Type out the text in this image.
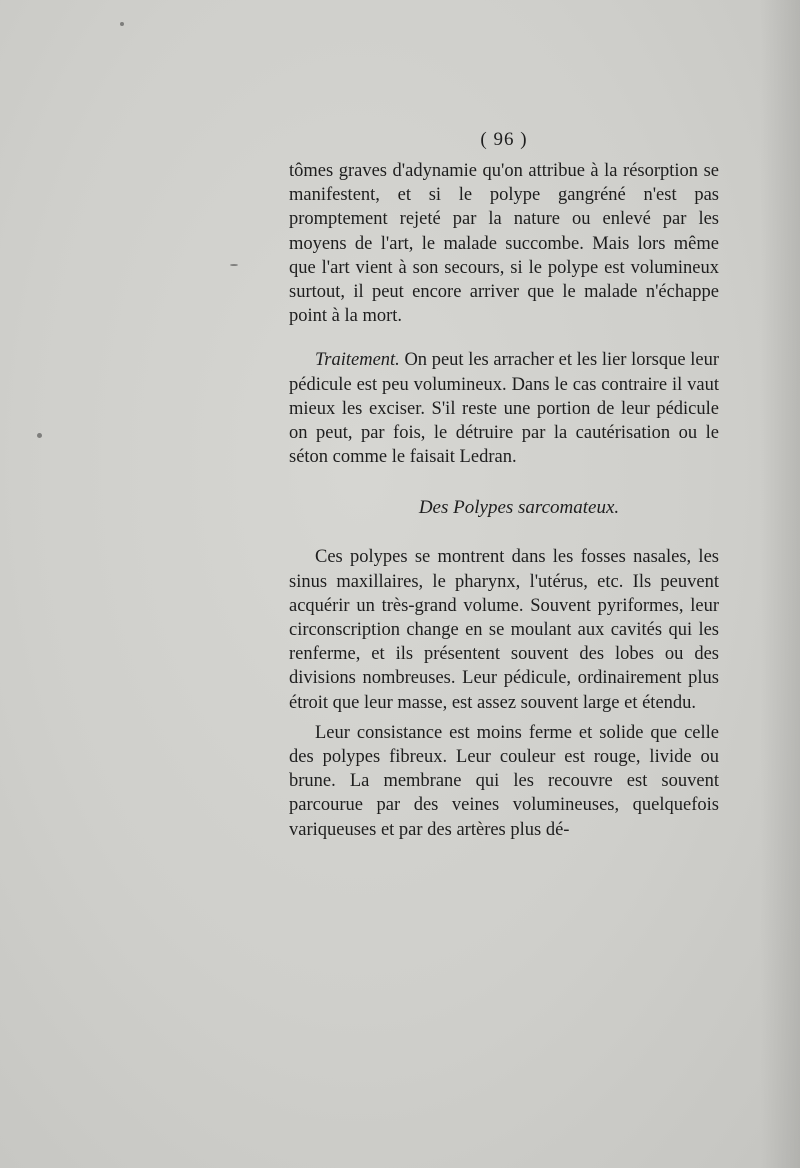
( 96 )

tômes graves d'adynamie qu'on attribue à la résorption se manifestent, et si le polype gangréné n'est pas promptement rejeté par la nature ou enlevé par les moyens de l'art, le malade succombe. Mais lors même que l'art vient à son secours, si le polype est volumineux surtout, il peut encore arriver que le malade n'échappe point à la mort.

Traitement. On peut les arracher et les lier lorsque leur pédicule est peu volumineux. Dans le cas contraire il vaut mieux les exciser. S'il reste une portion de leur pédicule on peut, par fois, le détruire par la cautérisation ou le séton comme le faisait Ledran.

Des Polypes sarcomateux.

Ces polypes se montrent dans les fosses nasales, les sinus maxillaires, le pharynx, l'utérus, etc. Ils peuvent acquérir un très-grand volume. Souvent pyriformes, leur circonscription change en se moulant aux cavités qui les renferme, et ils présentent souvent des lobes ou des divisions nombreuses. Leur pédicule, ordinairement plus étroit que leur masse, est assez souvent large et étendu.

Leur consistance est moins ferme et solide que celle des polypes fibreux. Leur couleur est rouge, livide ou brune. La membrane qui les recouvre est souvent parcourue par des veines volumineuses, quelquefois variqueuses et par des artères plus dé-
